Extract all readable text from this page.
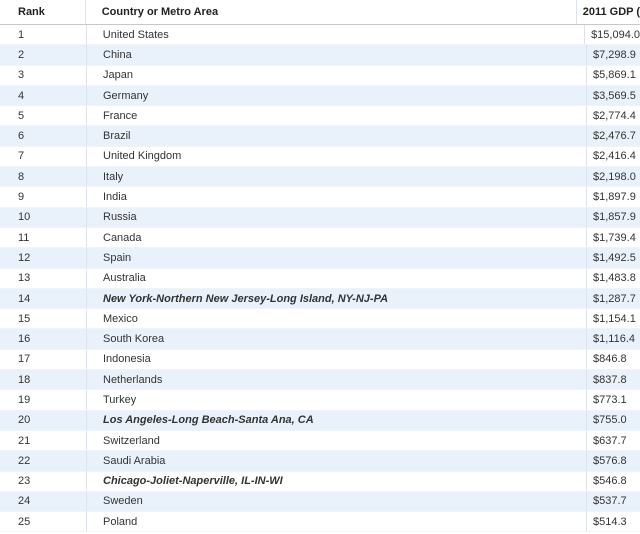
Rank	Country or Metro Area	2011 GDP (
1	United States	$15,094.0
2	China	$7,298.9
3	Japan	$5,869.1
4	Germany	$3,569.5
5	France	$2,774.4
6	Brazil	$2,476.7
7	United Kingdom	$2,416.4
8	Italy	$2,198.0
9	India	$1,897.9
10	Russia	$1,857.9
11	Canada	$1,739.4
12	Spain	$1,492.5
13	Australia	$1,483.8
14	New York-Northern New Jersey-Long Island, NY-NJ-PA	$1,287.7
15	Mexico	$1,154.1
16	South Korea	$1,116.4
17	Indonesia	$846.8
18	Netherlands	$837.8
19	Turkey	$773.1
20	Los Angeles-Long Beach-Santa Ana, CA	$755.0
21	Switzerland	$637.7
22	Saudi Arabia	$576.8
23	Chicago-Joliet-Naperville, IL-IN-WI	$546.8
24	Sweden	$537.7
25	Poland	$514.3
